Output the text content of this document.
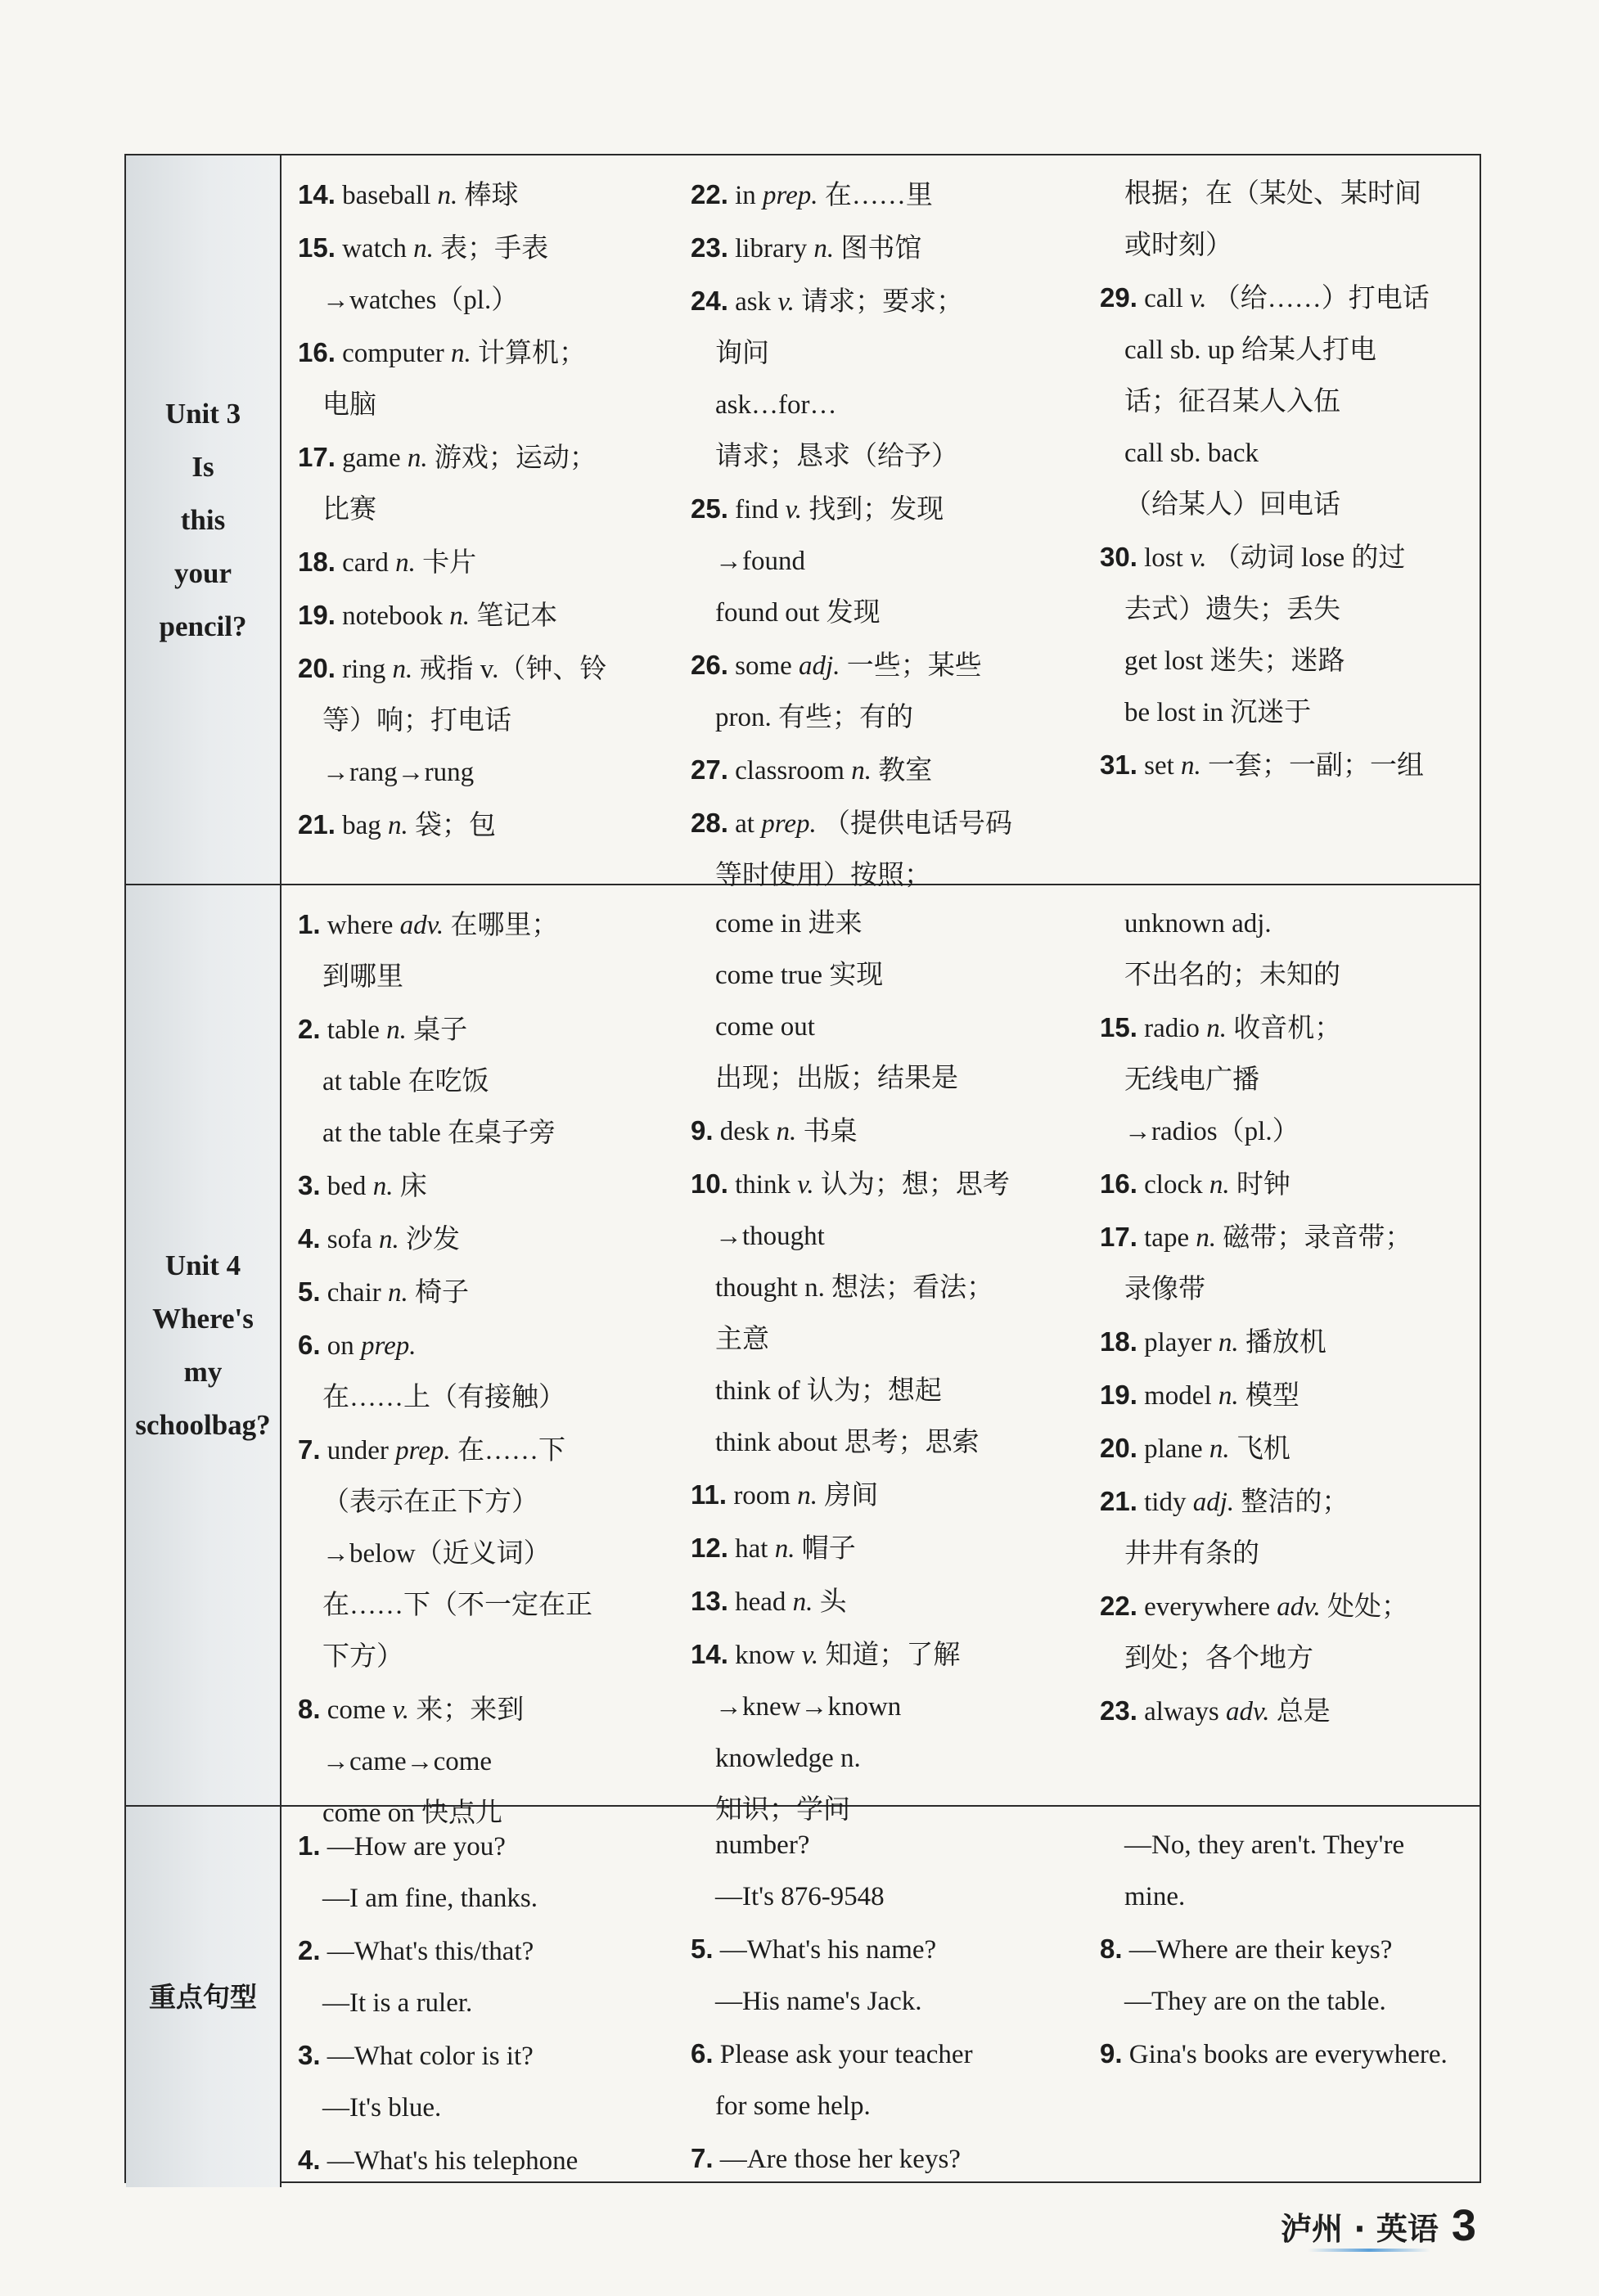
Unit 3
Is
this
your
pencil?
14. baseball n. 棒球
15. watch n. 表；手表
→watches（pl.）
16. computer n. 计算机；
电脑
17. game n. 游戏；运动；
比赛
18. card n. 卡片
19. notebook n. 笔记本
20. ring n. 戒指 v.（钟、铃
等）响；打电话
→rang→rung
21. bag n. 袋；包
22. in prep. 在……里
23. library n. 图书馆
24. ask v. 请求；要求；
询问
ask…for…
请求；恳求（给予）
25. find v. 找到；发现
→found
found out 发现
26. some adj. 一些；某些
pron. 有些；有的
27. classroom n. 教室
28. at prep. （提供电话号码
等时使用）按照；
根据；在（某处、某时间
或时刻）
29. call v. （给……）打电话
call sb. up 给某人打电
话；征召某人入伍
call sb. back
（给某人）回电话
30. lost v. （动词 lose 的过
去式）遗失；丢失
get lost 迷失；迷路
be lost in 沉迷于
31. set n. 一套；一副；一组
Unit 4
Where's
my
schoolbag?
1. where adv. 在哪里；
到哪里
2. table n. 桌子
at table 在吃饭
at the table 在桌子旁
3. bed n. 床
4. sofa n. 沙发
5. chair n. 椅子
6. on prep.
在……上（有接触）
7. under prep. 在……下
（表示在正下方）
→below（近义词）
在……下（不一定在正
下方）
8. come v. 来；来到
→came→come
come on 快点儿
come in 进来
come true 实现
come out
出现；出版；结果是
9. desk n. 书桌
10. think v. 认为；想；思考
→thought
thought n. 想法；看法；
主意
think of 认为；想起
think about 思考；思索
11. room n. 房间
12. hat n. 帽子
13. head n. 头
14. know v. 知道；了解
→knew→known
knowledge n.
知识；学问
unknown adj.
不出名的；未知的
15. radio n. 收音机；
无线电广播
→radios（pl.）
16. clock n. 时钟
17. tape n. 磁带；录音带；
录像带
18. player n. 播放机
19. model n. 模型
20. plane n. 飞机
21. tidy adj. 整洁的；
井井有条的
22. everywhere adv. 处处；
到处；各个地方
23. always adv. 总是
重点句型
1. —How are you?
—I am fine, thanks.
2. —What's this/that?
—It is a ruler.
3. —What color is it?
—It's blue.
4. —What's his telephone
number?
—It's 876-9548
5. —What's his name?
—His name's Jack.
6. Please ask your teacher
for some help.
7. —Are those her keys?
—No, they aren't. They're
mine.
8. —Where are their keys?
—They are on the table.
9. Gina's books are everywhere.
泸州 · 英语 3
